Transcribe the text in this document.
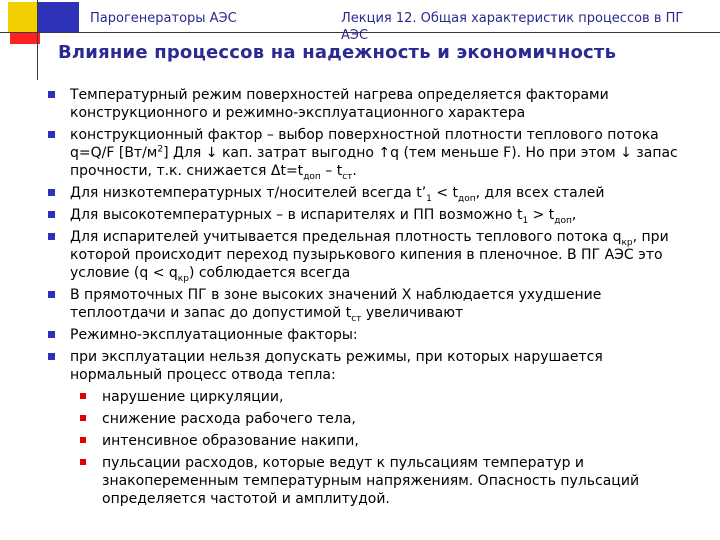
Парогенераторы АЭС	Лекция 12. Общая характеристик процессов в ПГ АЭС
Влияние процессов на надежность и экономичность
Температурный режим поверхностей нагрева определяется факторами конструкционного и режимно-эксплуатационного характера
конструкционный фактор – выбор поверхностной плотности теплового потока q=Q/F $[Вт/м^2]$ Для ↓ кап. затрат выгодно ↑q (тем меньше F). Но при этом ↓ запас прочности, т.к. снижается $\Delta t=t_{доп} - t_{ст}$.
Для низкотемпературных т/носителей всегда $t’_1 < t_{доп}$, для всех сталей
Для высокотемпературных – в испарителях и ПП возможно $t_1 > t_{доп}$,
Для испарителей учитывается предельная плотность теплового потока $q_{кр}$, при которой происходит переход пузырькового кипения в пленочное. В ПГ АЭС это условие $(q < q_{кр})$ соблюдается всегда
В прямоточных ПГ в зоне высоких значений X наблюдается ухудшение теплоотдачи и запас до допустимой $t_{ст}$ увеличивают
Режимно-эксплуатационные факторы:
при эксплуатации нельзя допускать режимы, при которых нарушается нормальный процесс отвода тепла:
нарушение циркуляции,
снижение расхода рабочего тела,
интенсивное образование накипи,
пульсации расходов, которые ведут к пульсациям температур и знакопеременным температурным напряжениям. Опасность пульсаций определяется частотой и амплитудой.
